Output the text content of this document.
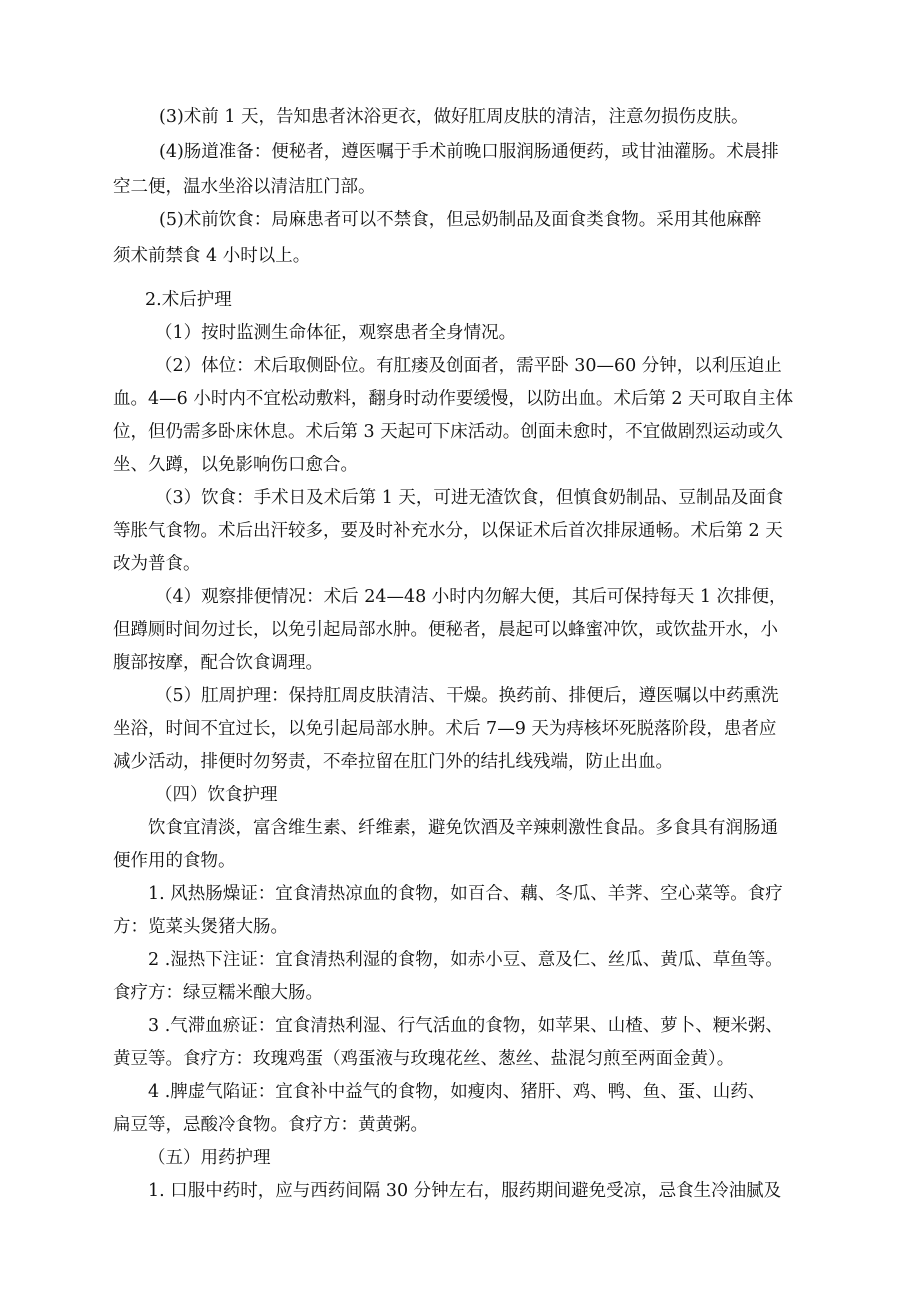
(3)术前 1 天，告知患者沐浴更衣，做好肛周皮肤的清洁，注意勿损伤皮肤。
(4)肠道准备：便秘者，遵医嘱于手术前晚口服润肠通便药，或甘油灌肠。术晨排
空二便，温水坐浴以清洁肛门部。
(5)术前饮食：局麻患者可以不禁食，但忌奶制品及面食类食物。采用其他麻醉
须术前禁食 4 小时以上。
2.术后护理
（1）按时监测生命体征，观察患者全身情况。
（2）体位：术后取侧卧位。有肛瘘及创面者，需平卧 30—60 分钟，以利压迫止
血。4—6 小时内不宜松动敷料，翻身时动作要缓慢，以防出血。术后第 2 天可取自主体
位，但仍需多卧床休息。术后第 3 天起可下床活动。创面未愈时，不宜做剧烈运动或久
坐、久蹲，以免影响伤口愈合。
（3）饮食：手术日及术后第 1 天，可进无渣饮食，但慎食奶制品、豆制品及面食
等胀气食物。术后出汗较多，要及时补充水分，以保证术后首次排尿通畅。术后第 2 天
改为普食。
（4）观察排便情况：术后 24—48 小时内勿解大便，其后可保持每天 1 次排便，
但蹲厕时间勿过长，以免引起局部水肿。便秘者，晨起可以蜂蜜冲饮，或饮盐开水，小
腹部按摩，配合饮食调理。
（5）肛周护理：保持肛周皮肤清洁、干燥。换药前、排便后，遵医嘱以中药熏洗
坐浴，时间不宜过长，以免引起局部水肿。术后 7—9 天为痔核坏死脱落阶段，患者应
减少活动，排便时勿努责，不牵拉留在肛门外的结扎线残端，防止出血。
（四）饮食护理
饮食宜清淡，富含维生素、纤维素，避免饮酒及辛辣刺激性食品。多食具有润肠通
便作用的食物。
1. 风热肠燥证：宜食清热凉血的食物，如百合、藕、冬瓜、羊荠、空心菜等。食疗
方：览菜头煲猪大肠。
2 .湿热下注证：宜食清热利湿的食物，如赤小豆、意及仁、丝瓜、黄瓜、草鱼等。
食疗方：绿豆糯米酿大肠。
3 .气滞血瘀证：宜食清热利湿、行气活血的食物，如苹果、山楂、萝卜、粳米粥、
黄豆等。食疗方：玫瑰鸡蛋（鸡蛋液与玫瑰花丝、葱丝、盐混匀煎至两面金黄）。
4 .脾虚气陷证：宜食补中益气的食物，如瘦肉、猪肝、鸡、鸭、鱼、蛋、山药、
扁豆等，忌酸冷食物。食疗方：黄黄粥。
（五）用药护理
1. 口服中药时，应与西药间隔 30 分钟左右，服药期间避免受凉，忌食生冷油腻及
